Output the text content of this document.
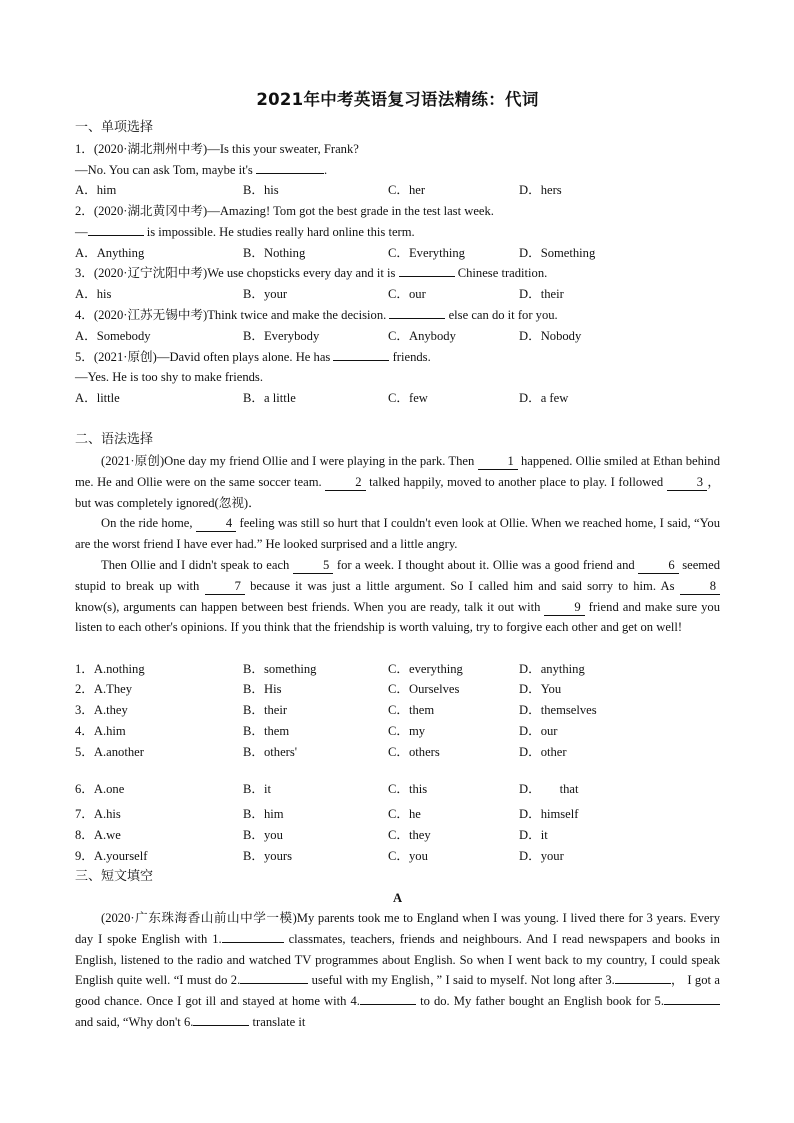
2021年中考英语复习语法精练：代词
一、单项选择
1．(2020·湖北荆州中考)—Is this your sweater, Frank?
—No. You can ask Tom, maybe it's	.
A．him	B．his	C．her	D．hers
2．(2020·湖北黄冈中考)—Amazing! Tom got the best grade in the test last week.
—	is impossible. He studies really hard online this term.
A．Anything	B．Nothing	C．Everything	D．Something
3．(2020·辽宁沈阳中考)We use chopsticks every day and it is	Chinese tradition.
A．his	B．your	C．our	D．their
4．(2020·江苏无锡中考)Think twice and make the decision.	else can do it for you.
A．Somebody	B．Everybody	C．Anybody	D．Nobody
5．(2021·原创)—David often plays alone. He has	friends.
—Yes. He is too shy to make friends.
A．little	B．a little	C．few	D．a few
二、语法选择

(2021·原创)One day my friend Ollie and I were playing in the park. Then 1 happened. Ollie smiled at Ethan behind me. He and Ollie were on the same soccer team. 2 talked happily, moved to another place to play. I followed 3 ， but was completely ignored(忽视)．

On the ride home, 4 feeling was still so hurt that I couldn't even look at Ollie. When we reached home, I said, “You are the worst friend I have ever had.” He looked surprised and a little angry.

Then Ollie and I didn't speak to each 5 for a week. I thought about it. Ollie was a good friend and 6 seemed stupid to break up with 7 because it was just a little argument. So I called him and said sorry to him. As 8 know(s), arguments can happen between best friends. When you are ready, talk it out with 9 friend and make sure you listen to each other's opinions. If you think that the friendship is worth valuing, try to forgive each other and get on well!

1．A.nothing	B．something	C．everything	D．anything
2．A.They	B．His	C．Ourselves	D．You
3．A.they	B．their	C．them	D．themselves
4．A.him	B．them	C．my	D．our
5．A.another	B．others'	C．others	D．other
6．A.one	B．it	C．this	D．      that
7．A.his	B．him	C．he	D．himself
8．A.we	B．you	C．they	D．it
9．A.yourself	B．yours	C．you	D．your
三、短文填空
A

(2020·广东珠海香山前山中学一模)My parents took me to England when I was young. I lived there for 3 years. Every day I spoke English with 1.	classmates, teachers, friends and neighbours. And I read newspapers and books in English, listened to the radio and watched TV programmes about English. So when I went back to my country, I could speak English quite well. “I must do 2.	useful with my English，” I said to myself. Not long after 3.	， I got a good chance. Once I got ill and stayed at home with 4.	to do. My father bought an English book for 5. and said, “Why don't 6.	translate it
